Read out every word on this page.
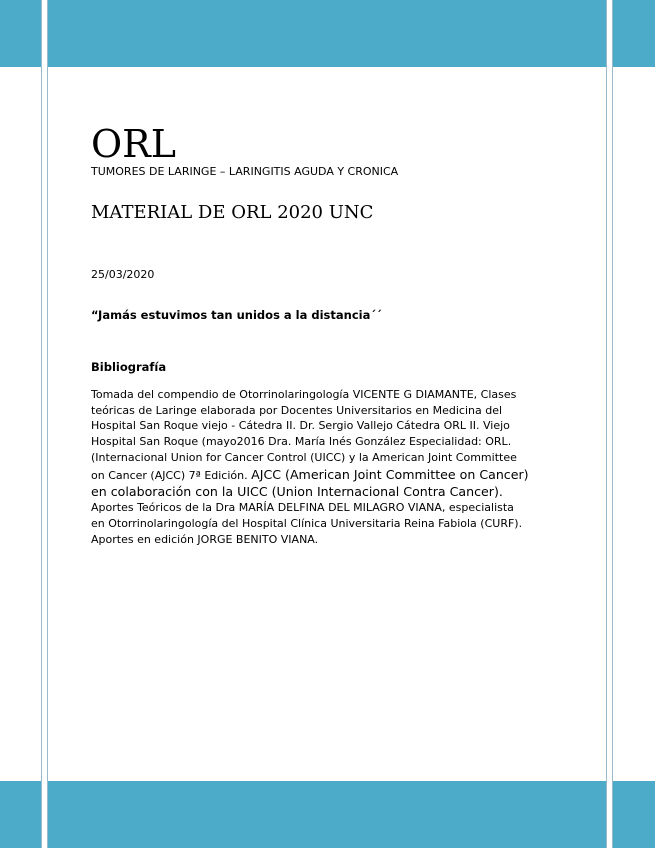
ORL

TUMORES DE LARINGE – LARINGITIS AGUDA Y CRONICA

MATERIAL DE ORL 2020 UNC

25/03/2020

“Jamás estuvimos tan unidos a la distancia´´

Bibliografía

Tomada del compendio de Otorrinolaringología VICENTE G DIAMANTE, Clases
teóricas de Laringe elaborada por Docentes Universitarios en Medicina del
Hospital San Roque viejo - Cátedra II. Dr. Sergio Vallejo Cátedra ORL II. Viejo
Hospital San Roque (mayo2016 Dra. María Inés González Especialidad: ORL.
(Internacional Union for Cancer Control (UICC) y la American Joint Committee
on Cancer (AJCC) 7ª Edición. AJCC (American Joint Committee on Cancer)
en colaboración con la UICC (Union Internacional Contra Cancer).
Aportes Teóricos de la Dra MARÍA DELFINA DEL MILAGRO VIANA, especialista
en Otorrinolaringología del Hospital Clínica Universitaria Reina Fabiola (CURF).
Aportes en edición JORGE BENITO VIANA.
